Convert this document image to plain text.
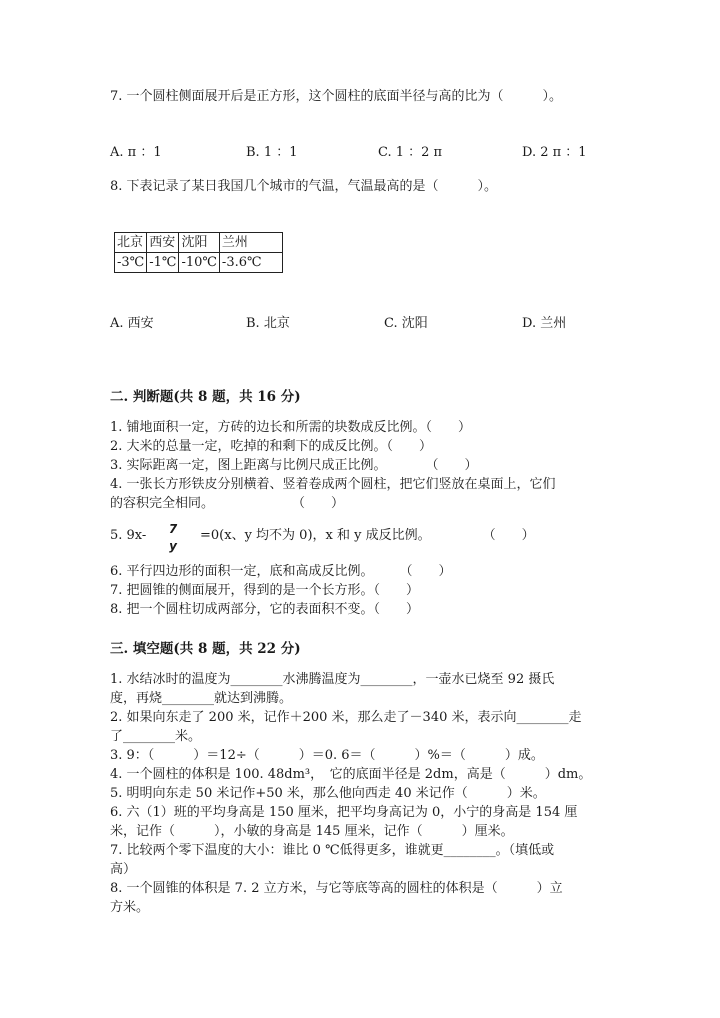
7. 一个圆柱侧面展开后是正方形，这个圆柱的底面半径与高的比为（　　　）。
A. π ：1	B. 1 ：1	C. 1 ：2 π	D. 2 π ：1
8. 下表记录了某日我国几个城市的气温，气温最高的是（　　　）。
北京	西安	沈阳	兰州
-3℃	-1℃	-10℃	-3.6℃
A. 西安	B. 北京	C. 沈阳	D. 兰州
二. 判断题(共 8 题，共 16 分)
1. 铺地面积一定，方砖的边长和所需的块数成反比例。（　　）
2. 大米的总量一定，吃掉的和剩下的成反比例。（　　）
3. 实际距离一定，图上距离与比例尺成正比例。　　　　（　　）
4. 一张长方形铁皮分别横着、竖着卷成两个圆柱，把它们竖放在桌面上，它们
的容积完全相同。　　　　　　　（　　）
5. 9x- 7
y
=0(x、y 均不为 0)，x 和 y 成反比例。　　　　　（　　）
6. 平行四边形的面积一定，底和高成反比例。　　　（　　）
7. 把圆锥的侧面展开，得到的是一个长方形。（　　）
8. 把一个圆柱切成两部分，它的表面积不变。（　　）
三. 填空题(共 8 题，共 22 分)
1. 水结冰时的温度为________水沸腾温度为________，一壶水已烧至 92 摄氏
度，再烧________就达到沸腾。
2. 如果向东走了 200 米，记作＋200 米，那么走了－340 米，表示向________走
了________米。
3. 9：（　　　）＝12÷（　　　）＝0. 6＝（　　　）%＝（　　　）成。
4. 一个圆柱的体积是 100. 48dm³，　它的底面半径是 2dm，高是（　　　）dm。
5. 明明向东走 50 米记作+50 米，那么他向西走 40 米记作（　　　）米。
6. 六（1）班的平均身高是 150 厘米，把平均身高记为 0，小宁的身高是 154 厘
米，记作（　　　），小敏的身高是 145 厘米，记作（　　　）厘米。
7. 比较两个零下温度的大小：谁比 0 ℃低得更多，谁就更________。（填低或
高）
8. 一个圆锥的体积是 7. 2 立方米，与它等底等高的圆柱的体积是（　　　）立
方米。
